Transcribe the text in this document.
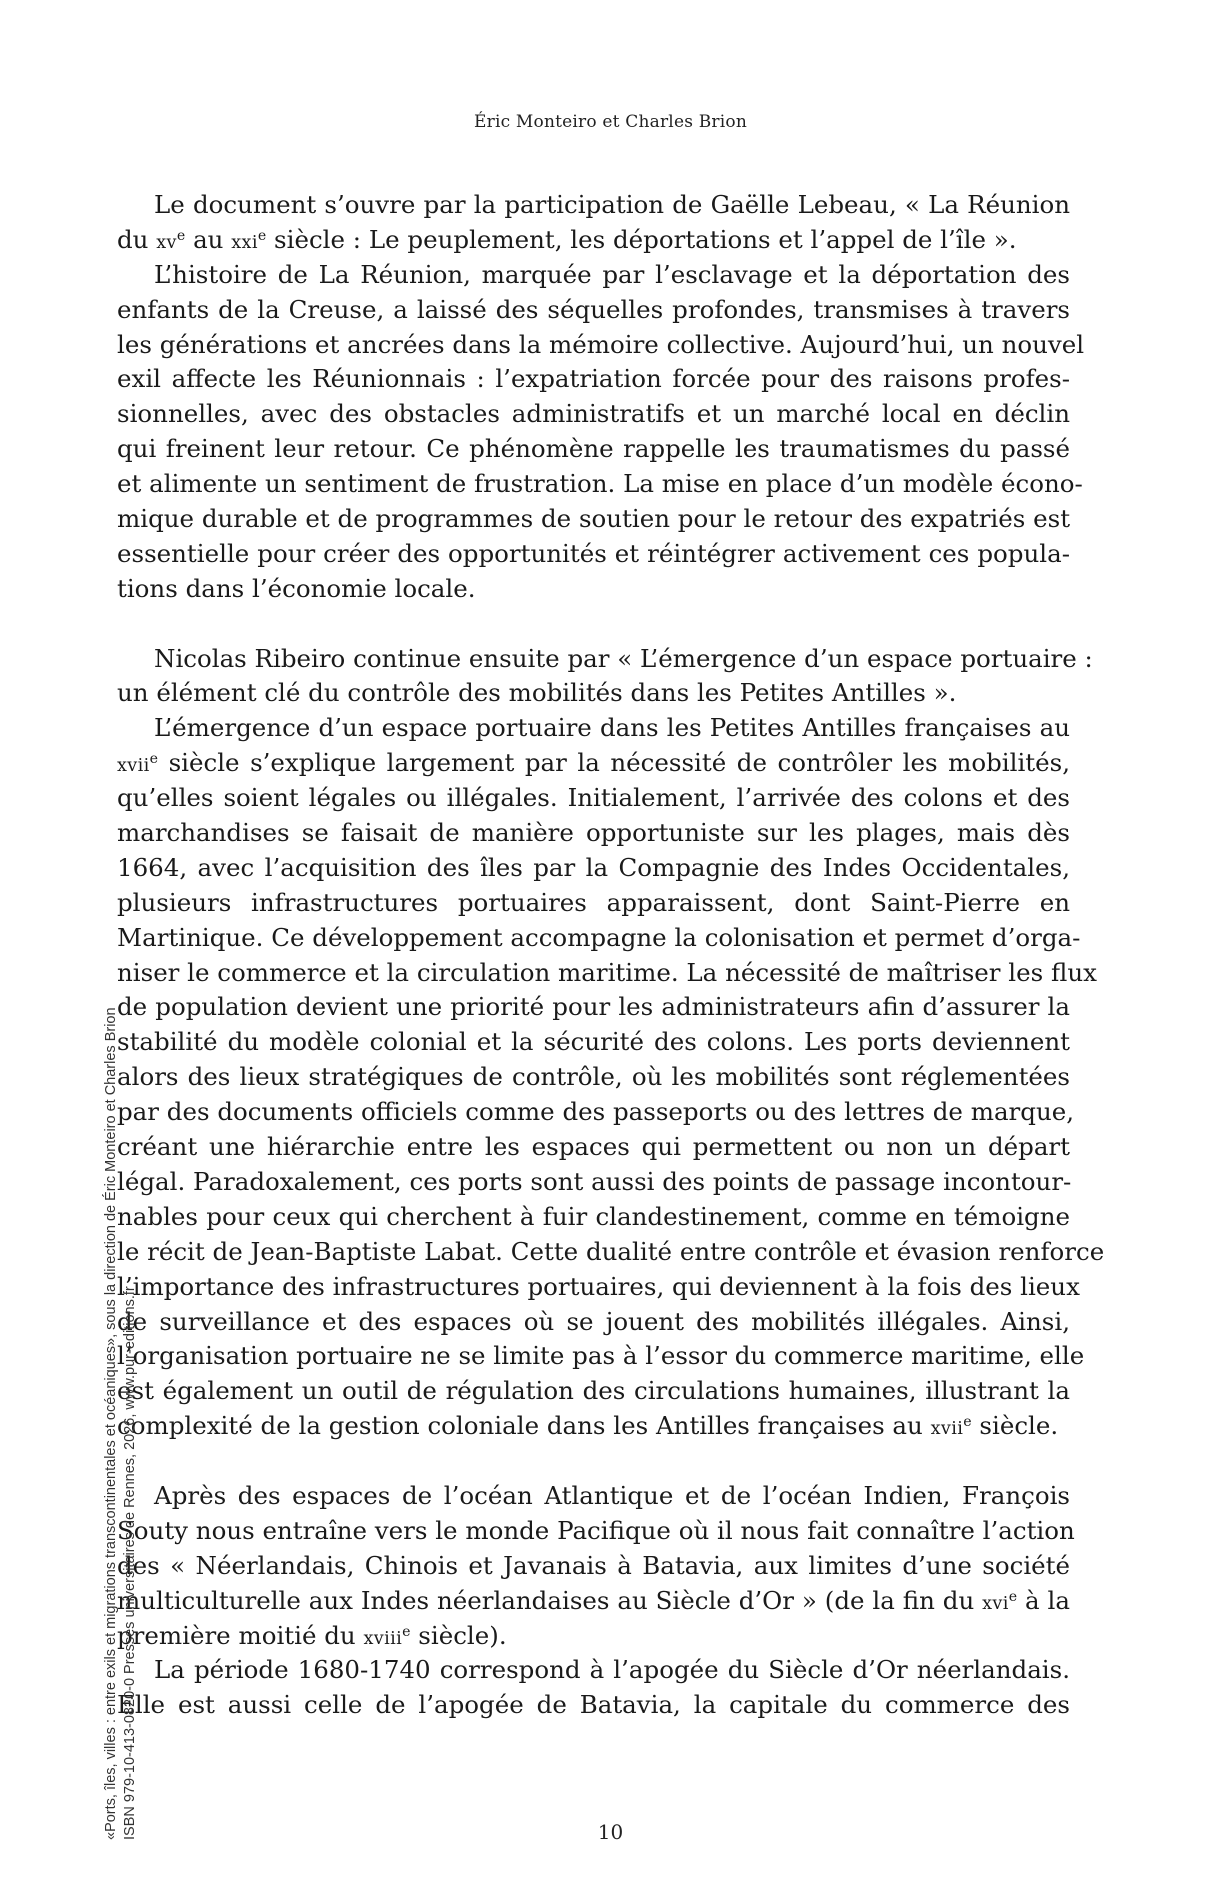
Éric Monteiro et Charles Brion
Le document s’ouvre par la participation de Gaëlle Lebeau, « La Réunion
du $xv^e$ au xxi$^e$ siècle : Le peuplement, les déportations et l’appel de l’île ».
L’histoire de La Réunion, marquée par l’esclavage et la déportation des
enfants de la Creuse, a laissé des séquelles profondes, transmises à travers
les générations et ancrées dans la mémoire collective. Aujourd’hui, un nouvel
exil affecte les Réunionnais : l’expatriation forcée pour des raisons profes-
sionnelles, avec des obstacles administratifs et un marché local en déclin
qui freinent leur retour. Ce phénomène rappelle les traumatismes du passé
et alimente un sentiment de frustration. La mise en place d’un modèle écono-
mique durable et de programmes de soutien pour le retour des expatriés est
essentielle pour créer des opportunités et réintégrer activement ces popula-
tions dans l’économie locale.
Nicolas Ribeiro continue ensuite par « L’émergence d’un espace portuaire :
un élément clé du contrôle des mobilités dans les Petites Antilles ».
L’émergence d’un espace portuaire dans les Petites Antilles françaises au
xvii$^e$ siècle s’explique largement par la nécessité de contrôler les mobilités,
qu’elles soient légales ou illégales. Initialement, l’arrivée des colons et des
marchandises se faisait de manière opportuniste sur les plages, mais dès
1664, avec l’acquisition des îles par la Compagnie des Indes Occidentales,
plusieurs infrastructures portuaires apparaissent, dont Saint-Pierre en
Martinique. Ce développement accompagne la colonisation et permet d’orga-
niser le commerce et la circulation maritime. La nécessité de maîtriser les flux
de population devient une priorité pour les administrateurs afin d’assurer la
stabilité du modèle colonial et la sécurité des colons. Les ports deviennent
alors des lieux stratégiques de contrôle, où les mobilités sont réglementées
par des documents officiels comme des passeports ou des lettres de marque,
créant une hiérarchie entre les espaces qui permettent ou non un départ
légal. Paradoxalement, ces ports sont aussi des points de passage incontour-
nables pour ceux qui cherchent à fuir clandestinement, comme en témoigne
le récit de Jean-Baptiste Labat. Cette dualité entre contrôle et évasion renforce
l’importance des infrastructures portuaires, qui deviennent à la fois des lieux
de surveillance et des espaces où se jouent des mobilités illégales. Ainsi,
l’organisation portuaire ne se limite pas à l’essor du commerce maritime, elle
est également un outil de régulation des circulations humaines, illustrant la
complexité de la gestion coloniale dans les Antilles françaises au xvii$^e$ siècle.
Après des espaces de l’océan Atlantique et de l’océan Indien, François
Souty nous entraîne vers le monde Pacifique où il nous fait connaître l’action
des « Néerlandais, Chinois et Javanais à Batavia, aux limites d’une société
multiculturelle aux Indes néerlandaises au Siècle d’Or » (de la fin du xvi$^e$ à la
première moitié du xviii$^e$ siècle).
La période 1680-1740 correspond à l’apogée du Siècle d’Or néerlandais.
Elle est aussi celle de l’apogée de Batavia, la capitale du commerce des
10
«Ports, îles, villes : entre exils et migrations transcontinentales et océaniques», sous la direction de Éric Monteiro et Charles Brion ISBN 979-10-413-0820-0 Presses universitaires de Rennes, 2026, www.pur-editions.fr
